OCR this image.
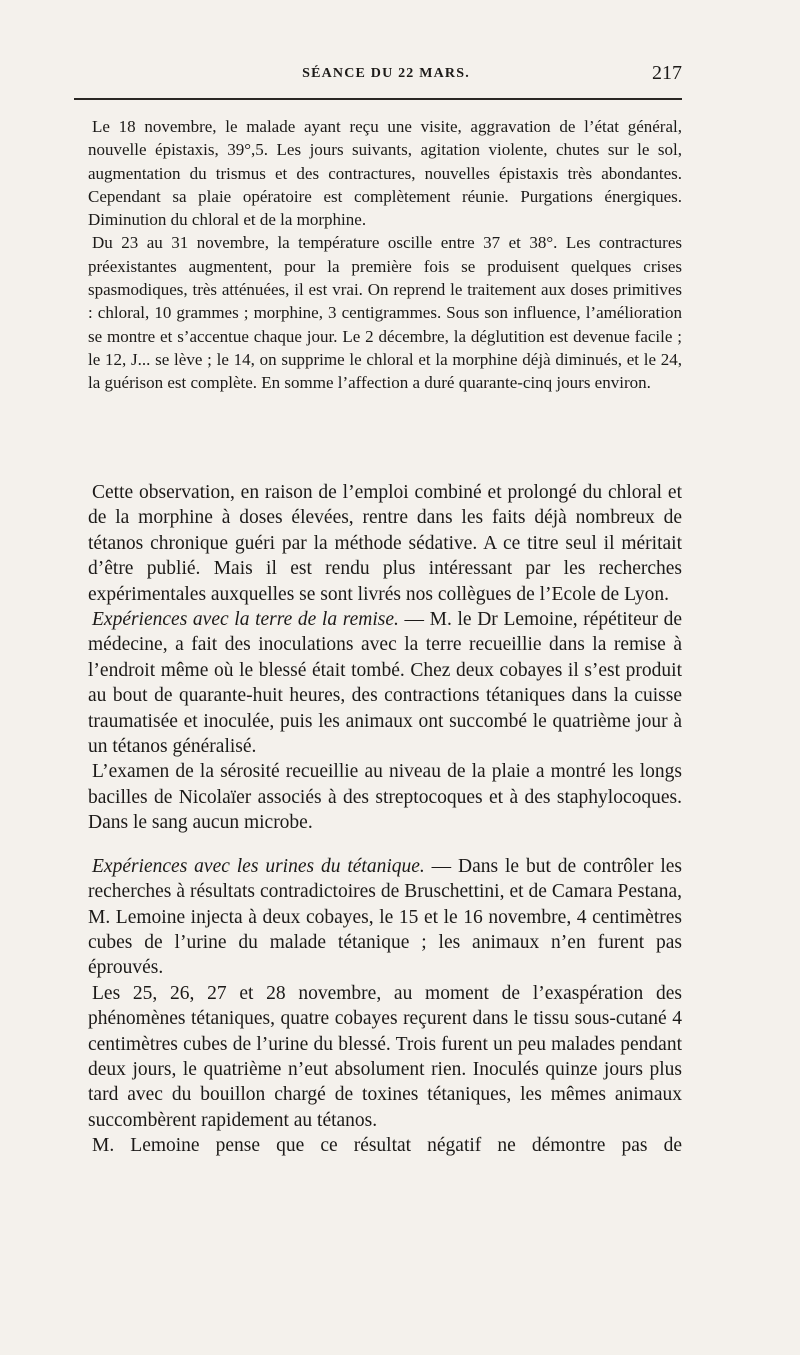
SÉANCE DU 22 MARS.	217

Le 18 novembre, le malade ayant reçu une visite, aggravation de l’état général, nouvelle épistaxis, 39°,5. Les jours suivants, agitation violente, chutes sur le sol, augmentation du trismus et des contractures, nouvelles épistaxis très abondantes. Cependant sa plaie opératoire est complètement réunie. Purgations énergiques. Diminution du chloral et de la morphine.

Du 23 au 31 novembre, la température oscille entre 37 et 38°. Les contractures préexistantes augmentent, pour la première fois se produisent quelques crises spasmodiques, très atténuées, il est vrai. On reprend le traitement aux doses primitives : chloral, 10 grammes ; morphine, 3 centigrammes. Sous son influence, l’amélioration se montre et s’accentue chaque jour. Le 2 décembre, la déglutition est devenue facile ; le 12, J... se lève ; le 14, on supprime le chloral et la morphine déjà diminués, et le 24, la guérison est complète. En somme l’affection a duré quarante-cinq jours environ.

Cette observation, en raison de l’emploi combiné et prolongé du chloral et de la morphine à doses élevées, rentre dans les faits déjà nombreux de tétanos chronique guéri par la méthode sédative. A ce titre seul il méritait d’être publié. Mais il est rendu plus intéressant par les recherches expérimentales auxquelles se sont livrés nos collègues de l’Ecole de Lyon.

Expériences avec la terre de la remise. — M. le Dr Lemoine, répétiteur de médecine, a fait des inoculations avec la terre recueillie dans la remise à l’endroit même où le blessé était tombé. Chez deux cobayes il s’est produit au bout de quarante-huit heures, des contractions tétaniques dans la cuisse traumatisée et inoculée, puis les animaux ont succombé le quatrième jour à un tétanos généralisé.

L’examen de la sérosité recueillie au niveau de la plaie a montré les longs bacilles de Nicolaïer associés à des streptocoques et à des staphylocoques. Dans le sang aucun microbe.

Expériences avec les urines du tétanique. — Dans le but de contrôler les recherches à résultats contradictoires de Bruschettini, et de Camara Pestana, M. Lemoine injecta à deux cobayes, le 15 et le 16 novembre, 4 centimètres cubes de l’urine du malade tétanique ; les animaux n’en furent pas éprouvés.

Les 25, 26, 27 et 28 novembre, au moment de l’exaspération des phénomènes tétaniques, quatre cobayes reçurent dans le tissu sous-cutané 4 centimètres cubes de l’urine du blessé. Trois furent un peu malades pendant deux jours, le quatrième n’eut absolument rien. Inoculés quinze jours plus tard avec du bouillon chargé de toxines tétaniques, les mêmes animaux succombèrent rapidement au tétanos.

M. Lemoine pense que ce résultat négatif ne démontre pas de
